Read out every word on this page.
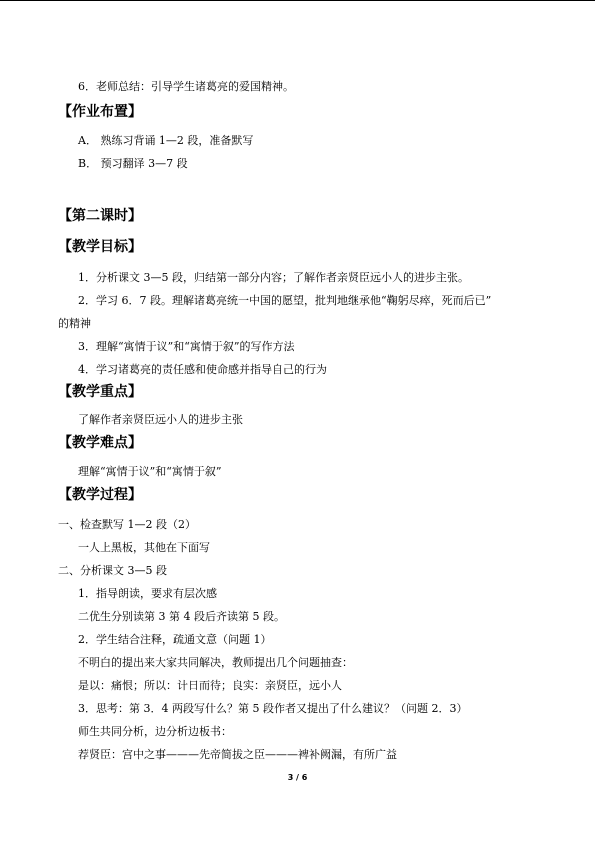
6．老师总结：引导学生诸葛亮的爱国精神。
【作业布置】
A． 熟练习背诵 1—2 段，准备默写
B． 预习翻译 3—7 段
【第二课时】
【教学目标】
1．分析课文 3—5 段，归结第一部分内容；了解作者亲贤臣远小人的进步主张。
2．学习 6．7 段。理解诸葛亮统一中国的愿望，批判地继承他“鞠躬尽瘁，死而后已”
的精神
3．理解“寓情于议”和“寓情于叙”的写作方法
4．学习诸葛亮的责任感和使命感并指导自己的行为
【教学重点】
了解作者亲贤臣远小人的进步主张
【教学难点】
理解“寓情于议”和“寓情于叙”
【教学过程】
一、检查默写 1—2 段（2）
一人上黑板，其他在下面写
二、分析课文 3—5 段
1．指导朗读，要求有层次感
二优生分别读第 3 第 4 段后齐读第 5 段。
2．学生结合注释，疏通文意（问题 1）
不明白的提出来大家共同解决，教师提出几个问题抽查：
是以：痛恨；所以：计日而待；良实：亲贤臣，远小人
3．思考：第 3．4 两段写什么？第 5 段作者又提出了什么建议？（问题 2．3）
师生共同分析，边分析边板书：
荐贤臣：宫中之事———先帝简拔之臣———裨补阙漏，有所广益
3 / 6
